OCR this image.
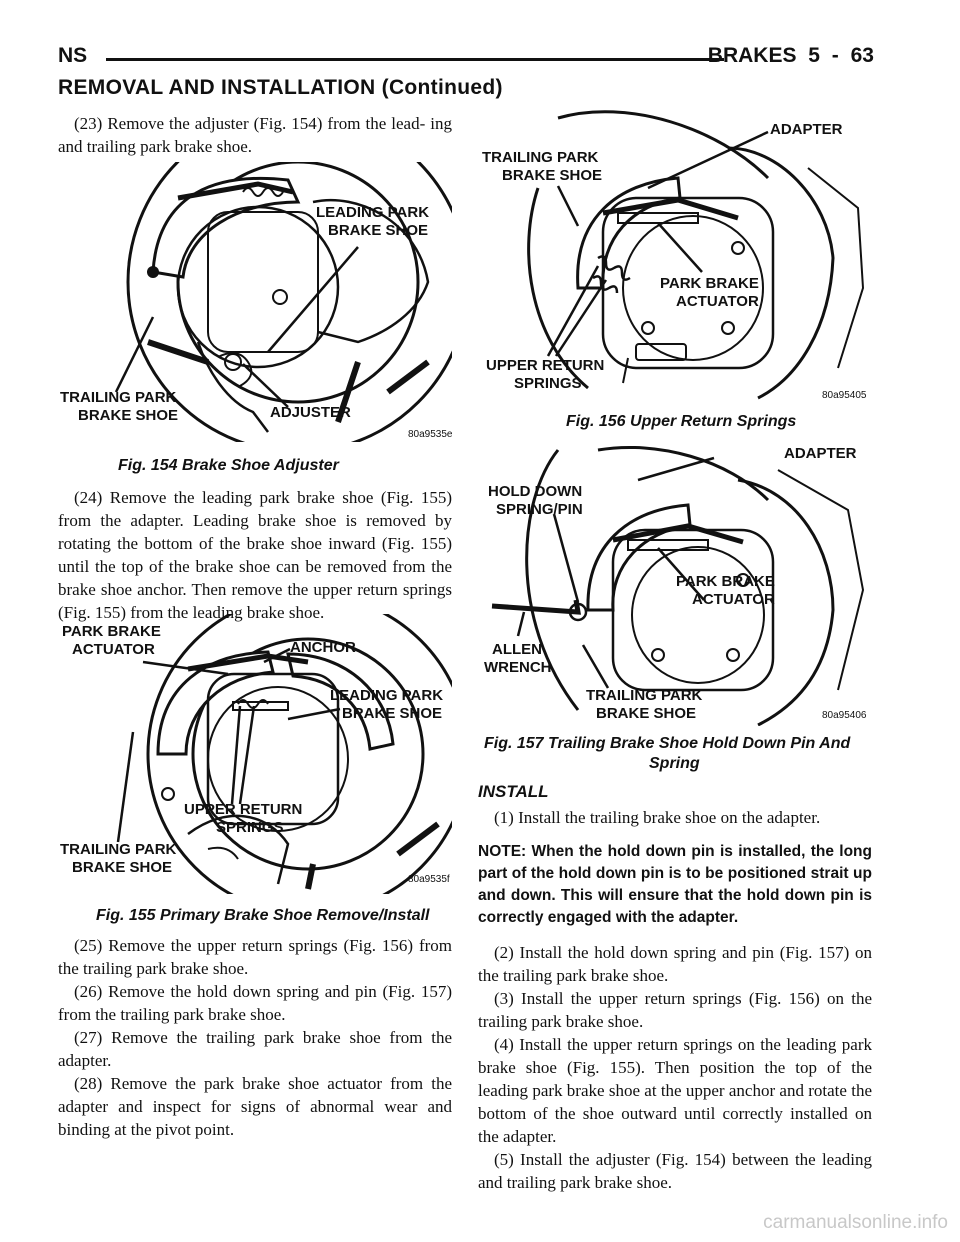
NS	BRAKES 5 - 63
REMOVAL AND INSTALLATION (Continued)

(23) Remove the adjuster (Fig. 154) from the lead- ing and trailing park brake shoe.

LEADING PARK
BRAKE SHOE
TRAILING PARK
BRAKE SHOE	ADJUSTER
80a9535e
Fig. 154 Brake Shoe Adjuster

(24) Remove the leading park brake shoe (Fig. 155) from the adapter. Leading brake shoe is removed by rotating the bottom of the brake shoe inward (Fig. 155) until the top of the brake shoe can be removed from the brake shoe anchor. Then remove the upper return springs (Fig. 155) from the leading brake shoe.

PARK BRAKE
ACTUATOR	ANCHOR
LEADING PARK
BRAKE SHOE
UPPER RETURN
SPRINGS
TRAILING PARK
BRAKE SHOE
80a9535f
Fig. 155 Primary Brake Shoe Remove/Install

(25) Remove the upper return springs (Fig. 156) from the trailing park brake shoe.

(26) Remove the hold down spring and pin (Fig. 157) from the trailing park brake shoe.

(27) Remove the trailing park brake shoe from the adapter.

(28) Remove the park brake shoe actuator from the adapter and inspect for signs of abnormal wear and binding at the pivot point.

ADAPTER
TRAILING PARK
BRAKE SHOE
PARK BRAKE
ACTUATOR
UPPER RETURN
SPRINGS
80a95405
Fig. 156 Upper Return Springs
ADAPTER
HOLD DOWN
SPRING/PIN
PARK BRAKE
ACTUATOR
ALLEN
WRENCH
TRAILING PARK
BRAKE SHOE	80a95406
Fig. 157 Trailing Brake Shoe Hold Down Pin And
Spring
INSTALL

(1) Install the trailing brake shoe on the adapter.

NOTE: When the hold down pin is installed, the long part of the hold down pin is to be positioned strait up and down. This will ensure that the hold down pin is correctly engaged with the adapter.

(2) Install the hold down spring and pin (Fig. 157) on the trailing park brake shoe.

(3) Install the upper return springs (Fig. 156) on the trailing park brake shoe.

(4) Install the upper return springs on the leading park brake shoe (Fig. 155). Then position the top of the leading park brake shoe at the upper anchor and rotate the bottom of the shoe outward until correctly installed on the adapter.

(5) Install the adjuster (Fig. 154) between the leading and trailing park brake shoe.

carmanualsonline.info
